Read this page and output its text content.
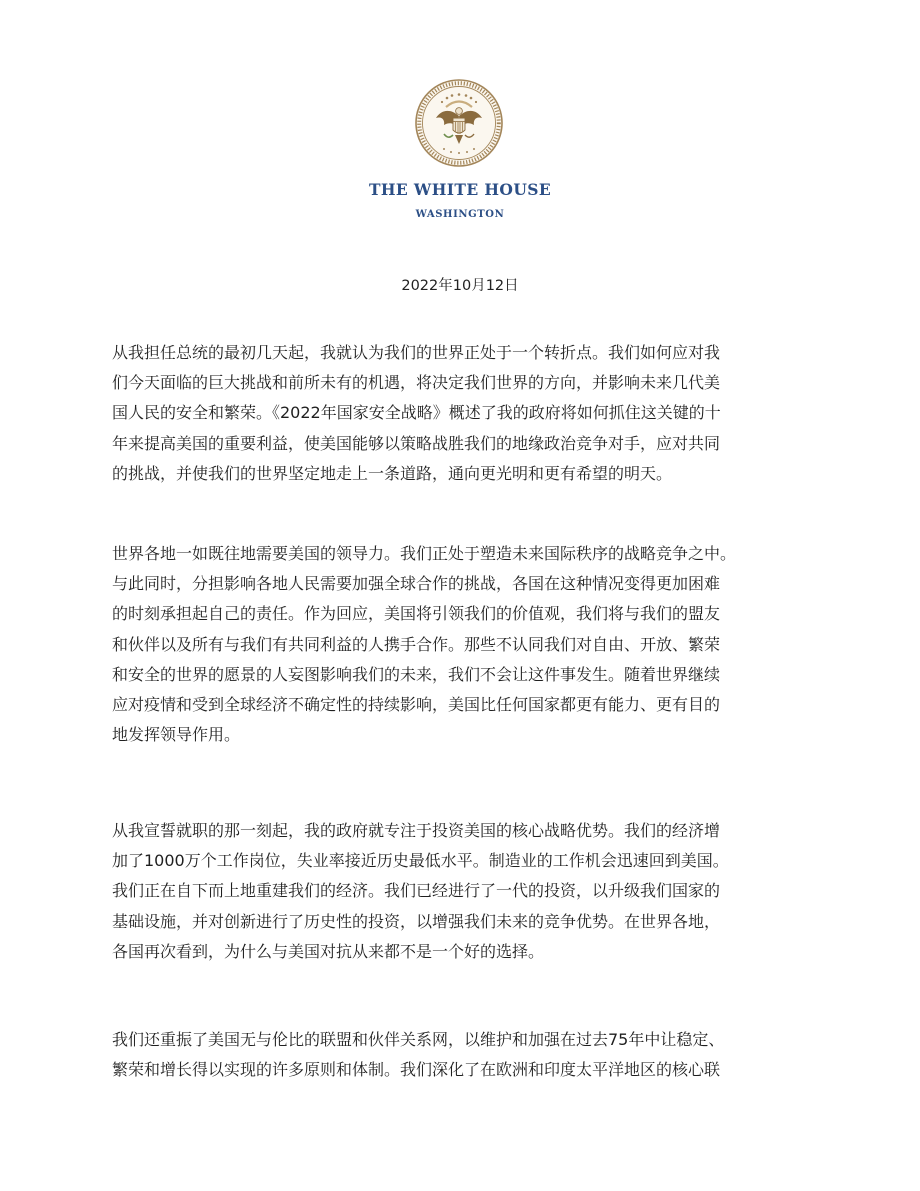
THE WHITE HOUSE
WASHINGTON
2022年10月12日

从我担任总统的最初几天起，我就认为我们的世界正处于一个转折点。我们如何应对我
们今天面临的巨大挑战和前所未有的机遇，将决定我们世界的方向，并影响未来几代美
国人民的安全和繁荣。《2022年国家安全战略》概述了我的政府将如何抓住这关键的十
年来提高美国的重要利益，使美国能够以策略战胜我们的地缘政治竞争对手，应对共同
的挑战，并使我们的世界坚定地走上一条道路，通向更光明和更有希望的明天。

世界各地一如既往地需要美国的领导力。我们正处于塑造未来国际秩序的战略竞争之中。
与此同时，分担影响各地人民需要加强全球合作的挑战，各国在这种情况变得更加困难
的时刻承担起自己的责任。作为回应，美国将引领我们的价值观，我们将与我们的盟友
和伙伴以及所有与我们有共同利益的人携手合作。那些不认同我们对自由、开放、繁荣
和安全的世界的愿景的人妄图影响我们的未来，我们不会让这件事发生。随着世界继续
应对疫情和受到全球经济不确定性的持续影响，美国比任何国家都更有能力、更有目的
地发挥领导作用。

从我宣誓就职的那一刻起，我的政府就专注于投资美国的核心战略优势。我们的经济增
加了1000万个工作岗位，失业率接近历史最低水平。制造业的工作机会迅速回到美国。
我们正在自下而上地重建我们的经济。我们已经进行了一代的投资，以升级我们国家的
基础设施，并对创新进行了历史性的投资，以增强我们未来的竞争优势。在世界各地，
各国再次看到，为什么与美国对抗从来都不是一个好的选择。

我们还重振了美国无与伦比的联盟和伙伴关系网，以维护和加强在过去75年中让稳定、
繁荣和增长得以实现的许多原则和体制。我们深化了在欧洲和印度太平洋地区的核心联
